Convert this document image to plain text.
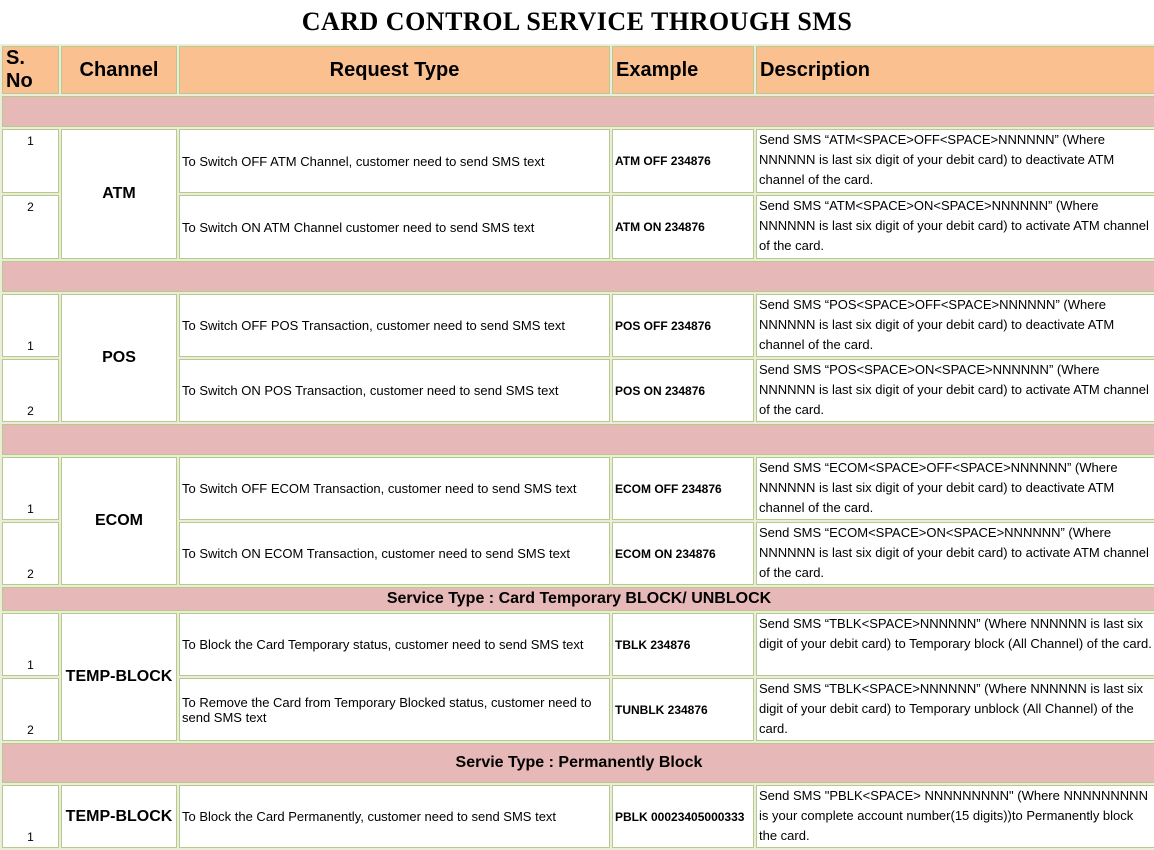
CARD CONTROL SERVICE THROUGH SMS
S. No	Channel	Request Type	Example	Description

1	ATM	To Switch OFF ATM Channel, customer need to send SMS text	ATM OFF 234876	Send SMS “ATM<SPACE>OFF<SPACE>NNNNNN” (Where NNNNNN is last six digit of your debit card) to deactivate ATM channel of the card.
2		To Switch ON ATM Channel customer need to send SMS text	ATM ON 234876	Send SMS “ATM<SPACE>ON<SPACE>NNNNNN” (Where NNNNNN is last six digit of your debit card) to activate ATM channel of the card.

1	POS	To Switch OFF POS Transaction, customer need to send SMS text	POS OFF 234876	Send SMS “POS<SPACE>OFF<SPACE>NNNNNN” (Where NNNNNN is last six digit of your debit card) to deactivate ATM channel of the card.
2		To Switch ON POS Transaction, customer need to send SMS text	POS ON 234876	Send SMS “POS<SPACE>ON<SPACE>NNNNNN” (Where NNNNNN is last six digit of your debit card) to activate ATM channel of the card.

1	ECOM	To Switch OFF ECOM Transaction, customer need to send SMS text	ECOM OFF 234876	Send SMS “ECOM<SPACE>OFF<SPACE>NNNNNN” (Where NNNNNN is last six digit of your debit card) to deactivate ATM channel of the card.
2		To Switch ON ECOM Transaction, customer need to send SMS text	ECOM ON 234876	Send SMS “ECOM<SPACE>ON<SPACE>NNNNNN” (Where NNNNNN is last six digit of your debit card) to activate ATM channel of the card.
Service Type : Card Temporary BLOCK/ UNBLOCK				
1	TEMP-BLOCK	To Block the Card Temporary status, customer need to send SMS text	TBLK 234876	Send SMS “TBLK<SPACE>NNNNNN” (Where NNNNNN is last six digit of your debit card) to Temporary block (All Channel) of the card.
2		To Remove the Card from Temporary Blocked status, customer need to send SMS text	TUNBLK 234876	Send SMS “TBLK<SPACE>NNNNNN” (Where NNNNNN is last six digit of your debit card) to Temporary unblock (All Channel) of the card.
Servie Type : Permanently Block				
1	TEMP-BLOCK	To Block the Card Permanently, customer need to send SMS text	PBLK 00023405000333	Send SMS "PBLK<SPACE> NNNNNNNNN" (Where NNNNNNNNN is your complete account number(15 digits))to Permanently block the card.
